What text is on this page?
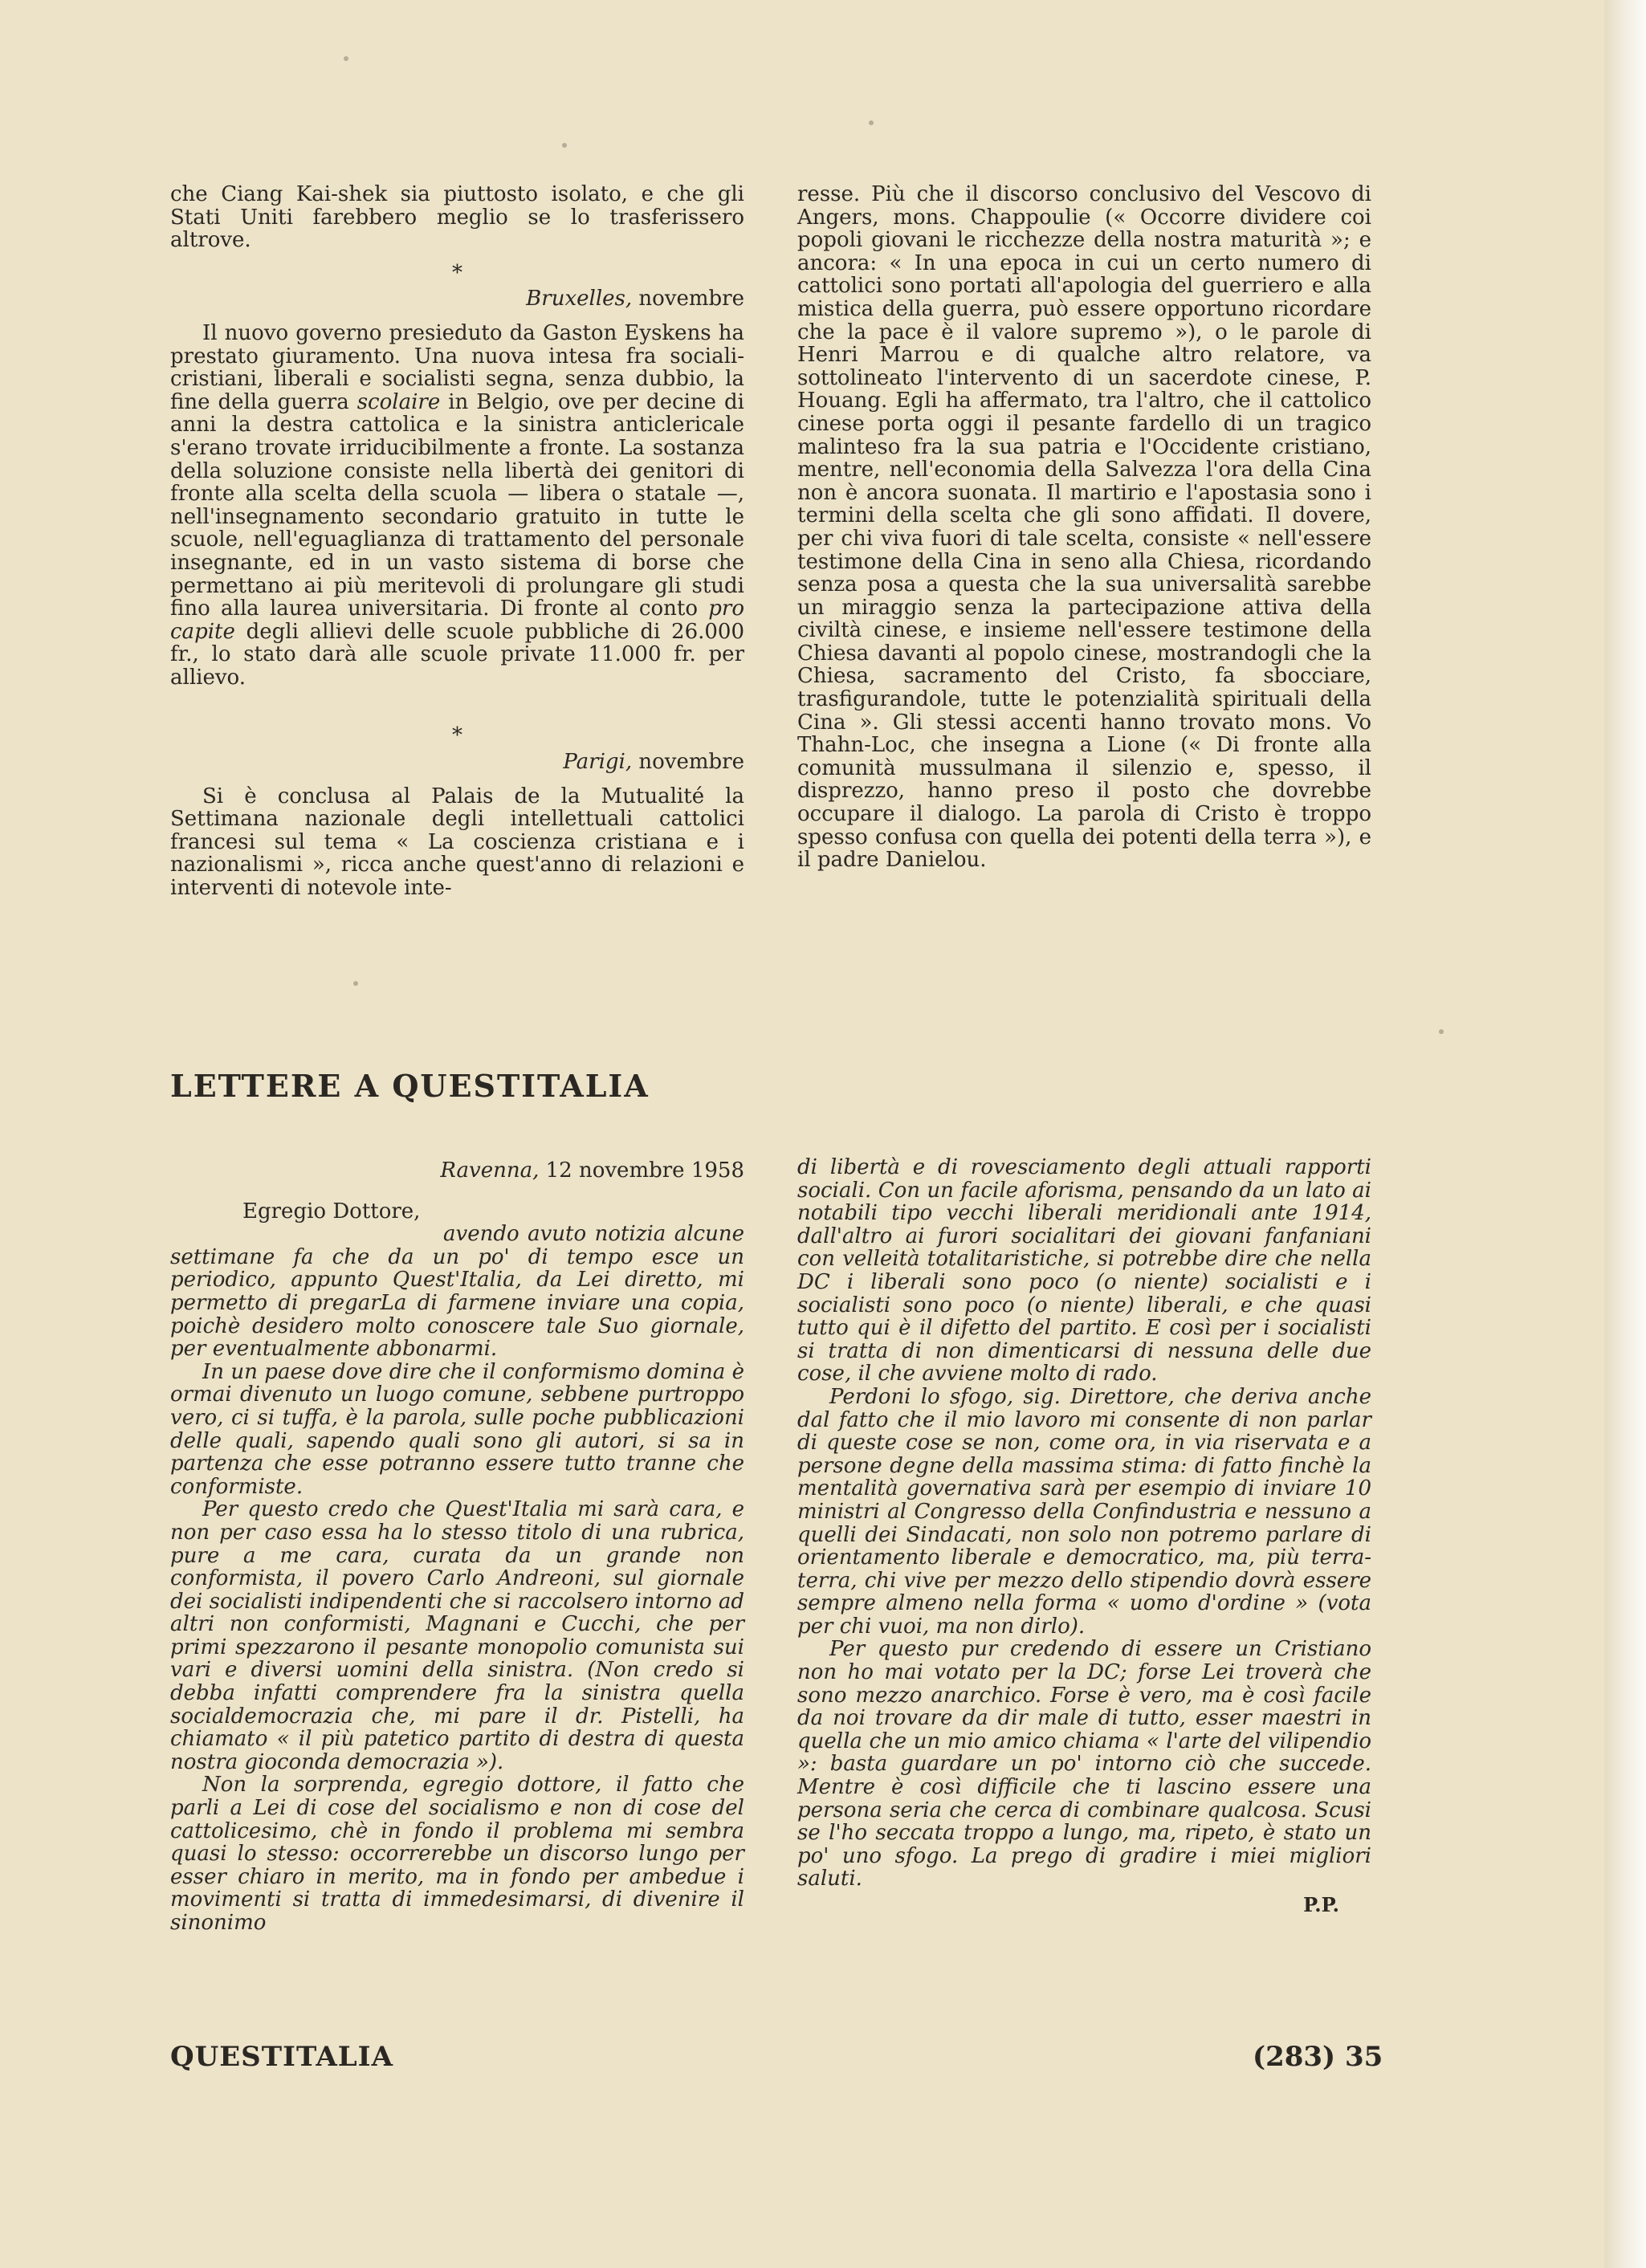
che Ciang Kai-shek sia piuttosto isolato, e che gli Stati Uniti farebbero meglio se lo trasferissero altrove.

*
Bruxelles, novembre

Il nuovo governo presieduto da Gaston Eyskens ha prestato giuramento. Una nuova intesa fra sociali-cristiani, liberali e socialisti segna, senza dubbio, la fine della guerra scolaire in Belgio, ove per decine di anni la destra cattolica e la sinistra anticlericale s'erano trovate irriducibilmente a fronte. La sostanza della soluzione consiste nella libertà dei genitori di fronte alla scelta della scuola — libera o statale —, nell'insegnamento secondario gratuito in tutte le scuole, nell'eguaglianza di trattamento del personale insegnante, ed in un vasto sistema di borse che permettano ai più meritevoli di prolungare gli studi fino alla laurea universitaria. Di fronte al conto pro capite degli allievi delle scuole pubbliche di 26.000 fr., lo stato darà alle scuole private 11.000 fr. per allievo.

*
Parigi, novembre

Si è conclusa al Palais de la Mutualité la Settimana nazionale degli intellettuali cattolici francesi sul tema « La coscienza cristiana e i nazionalismi », ricca anche quest'anno di relazioni e interventi di notevole inte-

resse. Più che il discorso conclusivo del Vescovo di Angers, mons. Chappoulie (« Occorre dividere coi popoli giovani le ricchezze della nostra maturità »; e ancora: « In una epoca in cui un certo numero di cattolici sono portati all'apologia del guerriero e alla mistica della guerra, può essere opportuno ricordare che la pace è il valore supremo »), o le parole di Henri Marrou e di qualche altro relatore, va sottolineato l'intervento di un sacerdote cinese, P. Houang. Egli ha affermato, tra l'altro, che il cattolico cinese porta oggi il pesante fardello di un tragico malinteso fra la sua patria e l'Occidente cristiano, mentre, nell'economia della Salvezza l'ora della Cina non è ancora suonata. Il martirio e l'apostasia sono i termini della scelta che gli sono affidati. Il dovere, per chi viva fuori di tale scelta, consiste « nell'essere testimone della Cina in seno alla Chiesa, ricordando senza posa a questa che la sua universalità sarebbe un miraggio senza la partecipazione attiva della civiltà cinese, e insieme nell'essere testimone della Chiesa davanti al popolo cinese, mostrandogli che la Chiesa, sacramento del Cristo, fa sbocciare, trasfigurandole, tutte le potenzialità spirituali della Cina ». Gli stessi accenti hanno trovato mons. Vo Thahn-Loc, che insegna a Lione (« Di fronte alla comunità mussulmana il silenzio e, spesso, il disprezzo, hanno preso il posto che dovrebbe occupare il dialogo. La parola di Cristo è troppo spesso confusa con quella dei potenti della terra »), e il padre Danielou.

LETTERE A QUESTITALIA
Ravenna, 12 novembre 1958

Egregio Dottore,

avendo avuto notizia alcune settimane fa che da un po' di tempo esce un periodico, appunto Quest'Italia, da Lei diretto, mi permetto di pregarLa di farmene inviare una copia, poichè desidero molto conoscere tale Suo giornale, per eventualmente abbonarmi.

In un paese dove dire che il conformismo domina è ormai divenuto un luogo comune, sebbene purtroppo vero, ci si tuffa, è la parola, sulle poche pubblicazioni delle quali, sapendo quali sono gli autori, si sa in partenza che esse potranno essere tutto tranne che conformiste.

Per questo credo che Quest'Italia mi sarà cara, e non per caso essa ha lo stesso titolo di una rubrica, pure a me cara, curata da un grande non conformista, il povero Carlo Andreoni, sul giornale dei socialisti indipendenti che si raccolsero intorno ad altri non conformisti, Magnani e Cucchi, che per primi spezzarono il pesante monopolio comunista sui vari e diversi uomini della sinistra. (Non credo si debba infatti comprendere fra la sinistra quella socialdemocrazia che, mi pare il dr. Pistelli, ha chiamato « il più patetico partito di destra di questa nostra gioconda democrazia »).

Non la sorprenda, egregio dottore, il fatto che parli a Lei di cose del socialismo e non di cose del cattolicesimo, chè in fondo il problema mi sembra quasi lo stesso: occorrerebbe un discorso lungo per esser chiaro in merito, ma in fondo per ambedue i movimenti si tratta di immedesimarsi, di divenire il sinonimo

di libertà e di rovesciamento degli attuali rapporti sociali. Con un facile aforisma, pensando da un lato ai notabili tipo vecchi liberali meridionali ante 1914, dall'altro ai furori socialitari dei giovani fanfaniani con velleità totalitaristiche, si potrebbe dire che nella DC i liberali sono poco (o niente) socialisti e i socialisti sono poco (o niente) liberali, e che quasi tutto qui è il difetto del partito. E così per i socialisti si tratta di non dimenticarsi di nessuna delle due cose, il che avviene molto di rado.

Perdoni lo sfogo, sig. Direttore, che deriva anche dal fatto che il mio lavoro mi consente di non parlar di queste cose se non, come ora, in via riservata e a persone degne della massima stima: di fatto finchè la mentalità governativa sarà per esempio di inviare 10 ministri al Congresso della Confindustria e nessuno a quelli dei Sindacati, non solo non potremo parlare di orientamento liberale e democratico, ma, più terra-terra, chi vive per mezzo dello stipendio dovrà essere sempre almeno nella forma « uomo d'ordine » (vota per chi vuoi, ma non dirlo).

Per questo pur credendo di essere un Cristiano non ho mai votato per la DC; forse Lei troverà che sono mezzo anarchico. Forse è vero, ma è così facile da noi trovare da dir male di tutto, esser maestri in quella che un mio amico chiama « l'arte del vilipendio »: basta guardare un po' intorno ciò che succede. Mentre è così difficile che ti lascino essere una persona seria che cerca di combinare qualcosa. Scusi se l'ho seccata troppo a lungo, ma, ripeto, è stato un po' uno sfogo. La prego di gradire i miei migliori saluti.

P.P.
QUESTITALIA	(283) 35
